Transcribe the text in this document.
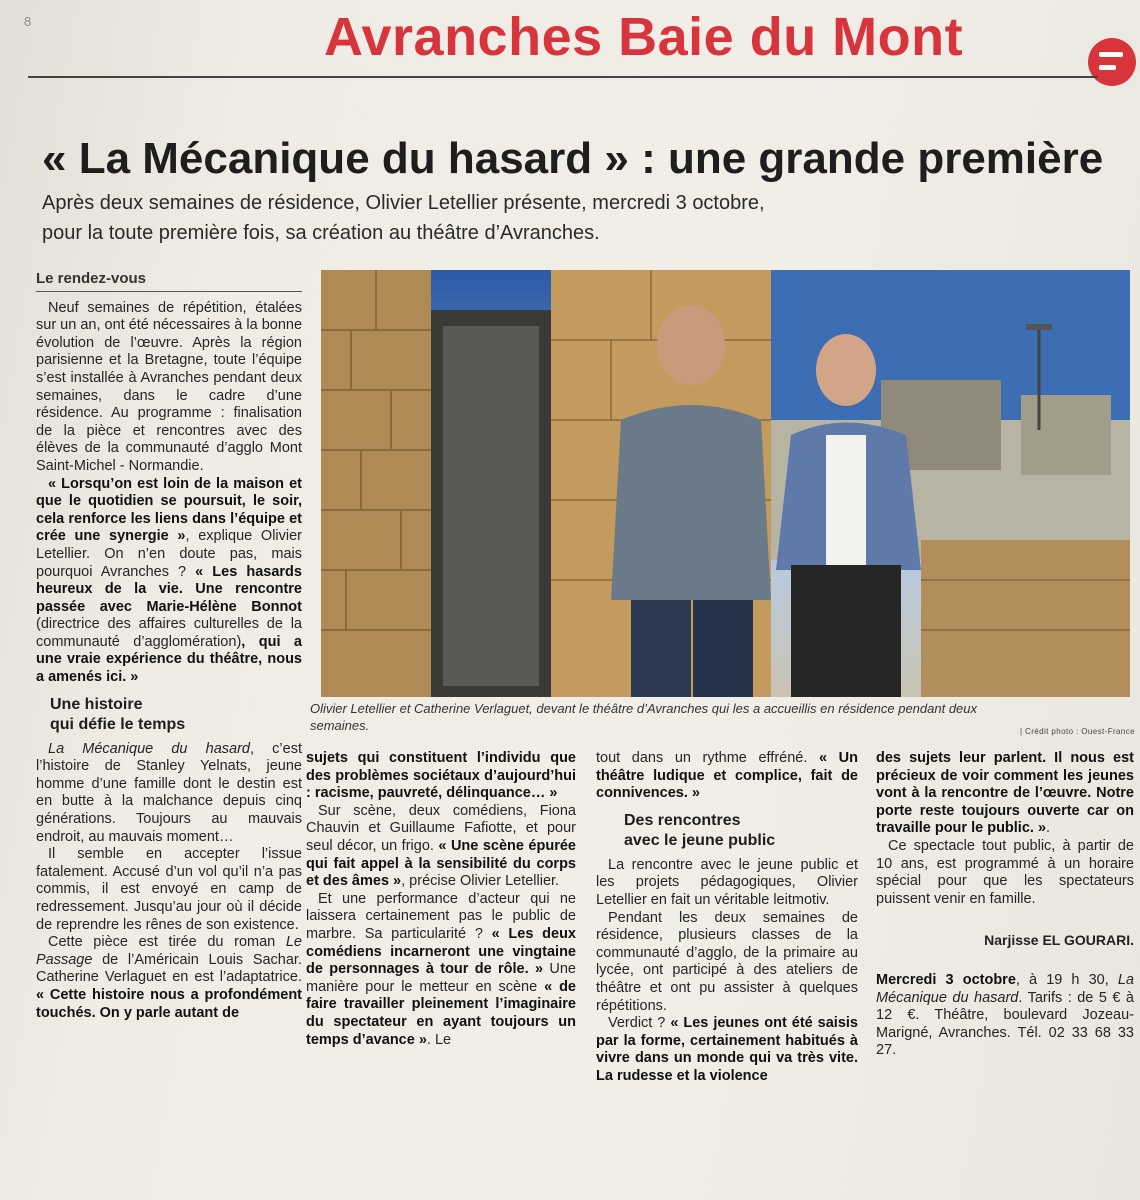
8	Avranches Baie du Mont
« La Mécanique du hasard » : une grande première
Après deux semaines de résidence, Olivier Letellier présente, mercredi 3 octobre,
pour la toute première fois, sa création au théâtre d’Avranches.
Le rendez-vous

Neuf semaines de répétition, étalées sur un an, ont été nécessaires à la bonne évolution de l’œuvre. Après la région parisienne et la Bretagne, toute l’équipe s’est installée à Avranches pendant deux semaines, dans le cadre d’une résidence. Au programme : finalisation de la pièce et rencontres avec des élèves de la communauté d’agglo Mont Saint-Michel - Normandie.

« Lorsqu’on est loin de la maison et que le quotidien se poursuit, le soir, cela renforce les liens dans l’équipe et crée une synergie », explique Olivier Letellier. On n’en doute pas, mais pourquoi Avranches ? « Les hasards heureux de la vie. Une rencontre passée avec Marie-Hélène Bonnot (directrice des affaires culturelles de la communauté d’agglomération), qui a une vraie expérience du théâtre, nous a amenés ici. »

Une histoire
qui défie le temps

La Mécanique du hasard, c’est l’histoire de Stanley Yelnats, jeune homme d’une famille dont le destin est en butte à la malchance depuis cinq générations. Toujours au mauvais endroit, au mauvais moment…

Il semble en accepter l’issue fatalement. Accusé d’un vol qu’il n’a pas commis, il est envoyé en camp de redressement. Jusqu’au jour où il décide de reprendre les rênes de son existence.

Cette pièce est tirée du roman Le Passage de l’Américain Louis Sachar. Catherine Verlaguet en est l’adaptatrice. « Cette histoire nous a profondément touchés. On y parle autant de

Olivier Letellier et Catherine Verlaguet, devant le théâtre d’Avranches qui les a accueillis en résidence pendant deux semaines.	| Crédit photo : Ouest-France

sujets qui constituent l’individu que des problèmes sociétaux d’aujourd’hui : racisme, pauvreté, délinquance… »

Sur scène, deux comédiens, Fiona Chauvin et Guillaume Fafiotte, et pour seul décor, un frigo. « Une scène épurée qui fait appel à la sensibilité du corps et des âmes », précise Olivier Letellier.

Et une performance d’acteur qui ne laissera certainement pas le public de marbre. Sa particularité ? « Les deux comédiens incarneront une vingtaine de personnages à tour de rôle. » Une manière pour le metteur en scène « de faire travailler pleinement l’imaginaire du spectateur en ayant toujours un temps d’avance ». Le

tout dans un rythme effréné. « Un théâtre ludique et complice, fait de connivences. »

Des rencontres
avec le jeune public

La rencontre avec le jeune public et les projets pédagogiques, Olivier Letellier en fait un véritable leitmotiv.

Pendant les deux semaines de résidence, plusieurs classes de la communauté d’agglo, de la primaire au lycée, ont participé à des ateliers de théâtre et ont pu assister à quelques répétitions.

Verdict ? « Les jeunes ont été saisis par la forme, certainement habitués à vivre dans un monde qui va très vite. La rudesse et la violence

des sujets leur parlent. Il nous est précieux de voir comment les jeunes vont à la rencontre de l’œuvre. Notre porte reste toujours ouverte car on travaille pour le public. ».

Ce spectacle tout public, à partir de 10 ans, est programmé à un horaire spécial pour que les spectateurs puissent venir en famille.

Narjisse EL GOURARI.

Mercredi 3 octobre, à 19 h 30, La Mécanique du hasard. Tarifs : de 5 € à 12 €. Théâtre, boulevard Jozeau-Marigné, Avranches. Tél. 02 33 68 33 27.
